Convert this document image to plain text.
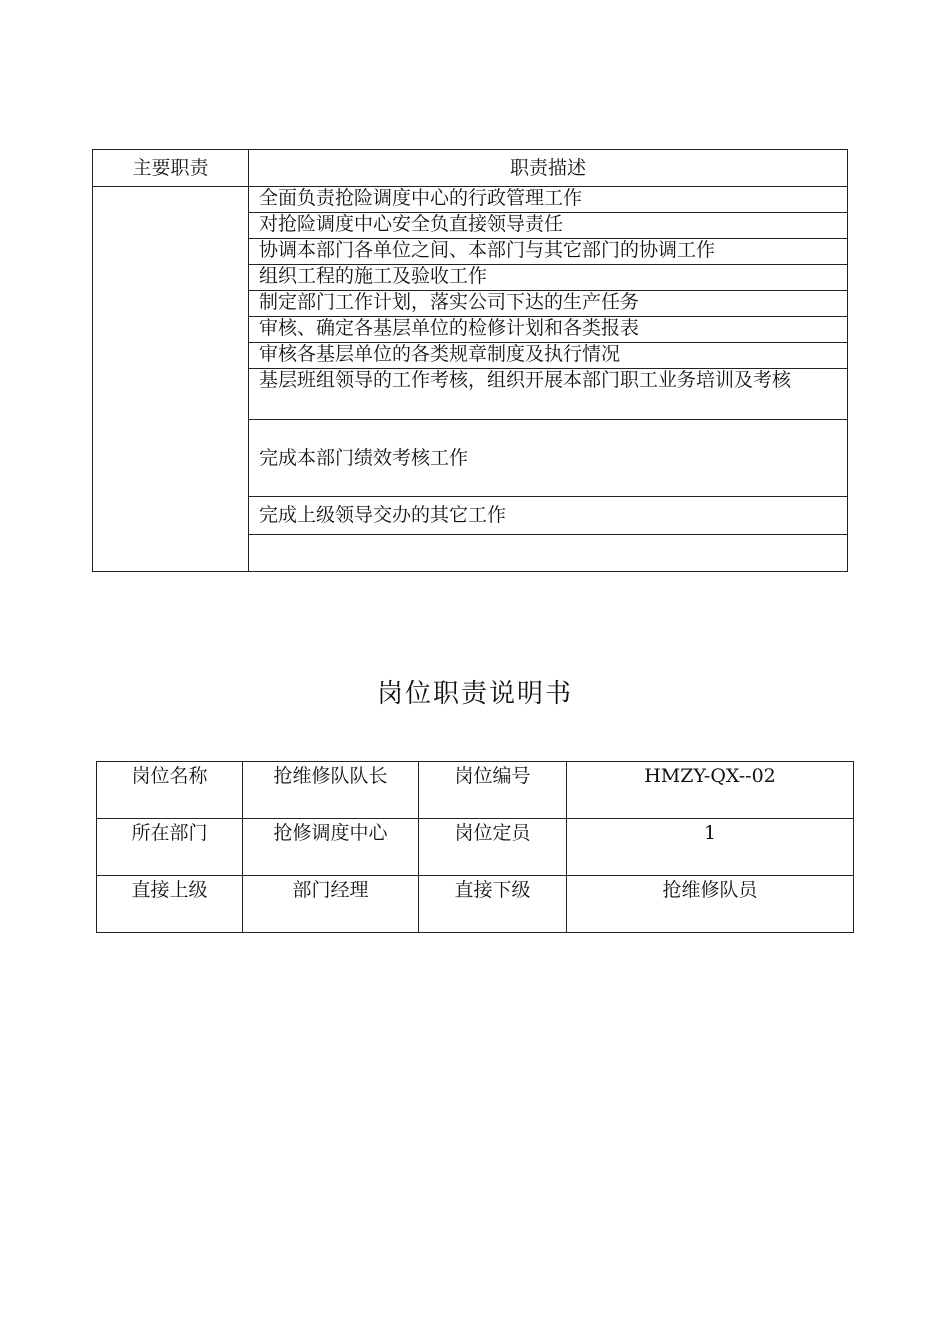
主要职责	职责描述
	全面负责抢险调度中心的行政管理工作
	对抢险调度中心安全负直接领导责任
	协调本部门各单位之间、本部门与其它部门的协调工作
	组织工程的施工及验收工作
	制定部门工作计划，落实公司下达的生产任务
	审核、确定各基层单位的检修计划和各类报表
	审核各基层单位的各类规章制度及执行情况
	基层班组领导的工作考核，组织开展本部门职工业务培训及考核
	完成本部门绩效考核工作
	完成上级领导交办的其它工作

岗位职责说明书
岗位名称	抢维修队队长	岗位编号	HMZY-QX--02
所在部门	抢修调度中心	岗位定员	1
直接上级	部门经理	直接下级	抢维修队员
